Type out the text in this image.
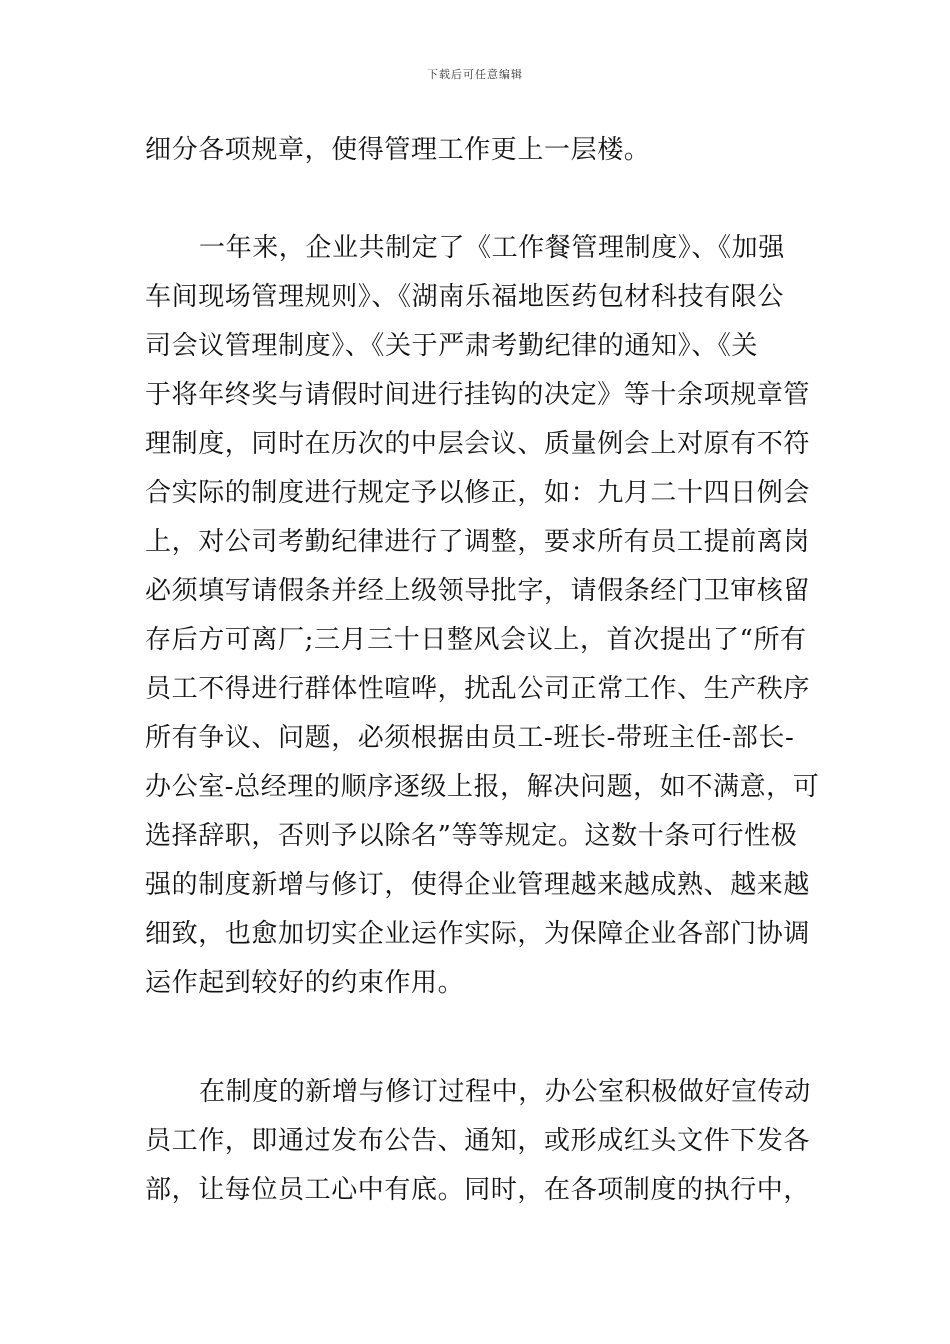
下载后可任意编辑
细分各项规章，使得管理工作更上一层楼。
一年来，企业共制定了《工作餐管理制度》、《加强
车间现场管理规则》、《湖南乐福地医药包材科技有限公
司会议管理制度》、《关于严肃考勤纪律的通知》、《关
于将年终奖与请假时间进行挂钩的决定》等十余项规章管
理制度，同时在历次的中层会议、质量例会上对原有不符
合实际的制度进行规定予以修正，如：九月二十四日例会
上，对公司考勤纪律进行了调整，要求所有员工提前离岗
必须填写请假条并经上级领导批字，请假条经门卫审核留
存后方可离厂;三月三十日整风会议上，首次提出了“所有
员工不得进行群体性喧哗，扰乱公司正常工作、生产秩序
所有争议、问题，必须根据由员工-班长-带班主任-部长-
办公室-总经理的顺序逐级上报，解决问题，如不满意，可
选择辞职，否则予以除名”等等规定。这数十条可行性极
强的制度新增与修订，使得企业管理越来越成熟、越来越
细致，也愈加切实企业运作实际，为保障企业各部门协调
运作起到较好的约束作用。
在制度的新增与修订过程中，办公室积极做好宣传动
员工作，即通过发布公告、通知，或形成红头文件下发各
部，让每位员工心中有底。同时，在各项制度的执行中，
